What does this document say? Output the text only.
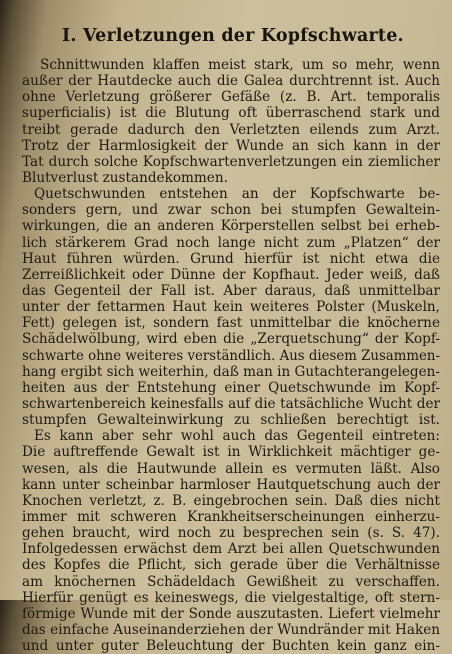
I. Verletzungen der Kopfschwarte.
Schnittwunden klaffen meist stark, um so mehr, wenn
außer der Hautdecke auch die Galea durchtrennt ist. Auch
ohne Verletzung größerer Gefäße (z. B. Art. temporalis
superficialis) ist die Blutung oft überraschend stark und
treibt gerade dadurch den Verletzten eilends zum Arzt.
Trotz der Harmlosigkeit der Wunde an sich kann in der
Tat durch solche Kopfschwartenverletzungen ein ziemlicher
Blutverlust zustandekommen.
Quetschwunden entstehen an der Kopfschwarte be-
sonders gern, und zwar schon bei stumpfen Gewaltein-
wirkungen, die an anderen Körperstellen selbst bei erheb-
lich stärkerem Grad noch lange nicht zum „Platzen“ der
Haut führen würden. Grund hierfür ist nicht etwa die
Zerreißlichkeit oder Dünne der Kopfhaut. Jeder weiß, daß
das Gegenteil der Fall ist. Aber daraus, daß unmittelbar
unter der fettarmen Haut kein weiteres Polster (Muskeln,
Fett) gelegen ist, sondern fast unmittelbar die knöcherne
Schädelwölbung, wird eben die „Zerquetschung“ der Kopf-
schwarte ohne weiteres verständlich. Aus diesem Zusammen-
hang ergibt sich weiterhin, daß man in Gutachterangelegen-
heiten aus der Entstehung einer Quetschwunde im Kopf-
schwartenbereich keinesfalls auf die tatsächliche Wucht der
stumpfen Gewalteinwirkung zu schließen berechtigt ist.
Es kann aber sehr wohl auch das Gegenteil eintreten:
Die auftreffende Gewalt ist in Wirklichkeit mächtiger ge-
wesen, als die Hautwunde allein es vermuten läßt. Also
kann unter scheinbar harmloser Hautquetschung auch der
Knochen verletzt, z. B. eingebrochen sein. Daß dies nicht
immer mit schweren Krankheitserscheinungen einherzu-
gehen braucht, wird noch zu besprechen sein (s. S. 47).
Infolgedessen erwächst dem Arzt bei allen Quetschwunden
des Kopfes die Pflicht, sich gerade über die Verhältnisse
am knöchernen Schädeldach Gewißheit zu verschaffen.
Hierfür genügt es keineswegs, die vielgestaltige, oft stern-
förmige Wunde mit der Sonde auszutasten. Liefert vielmehr
das einfache Auseinanderziehen der Wundränder mit Haken
und unter guter Beleuchtung der Buchten kein ganz ein-
